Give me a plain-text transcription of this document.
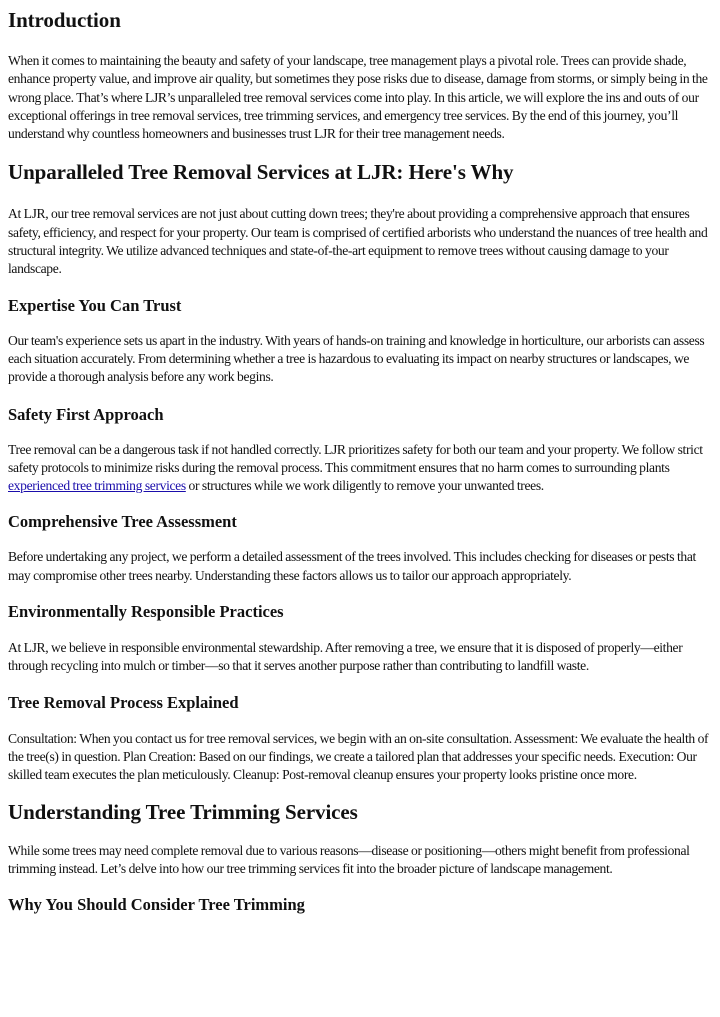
Introduction

When it comes to maintaining the beauty and safety of your landscape, tree management plays a pivotal role. Trees can provide shade, enhance property value, and improve air quality, but sometimes they pose risks due to disease, damage from storms, or simply being in the wrong place. That’s where LJR’s unparalleled tree removal services come into play. In this article, we will explore the ins and outs of our exceptional offerings in tree removal services, tree trimming services, and emergency tree services. By the end of this journey, you’ll understand why countless homeowners and businesses trust LJR for their tree management needs.

Unparalleled Tree Removal Services at LJR: Here's Why

At LJR, our tree removal services are not just about cutting down trees; they're about providing a comprehensive approach that ensures safety, efficiency, and respect for your property. Our team is comprised of certified arborists who understand the nuances of tree health and structural integrity. We utilize advanced techniques and state-of-the-art equipment to remove trees without causing damage to your landscape.

Expertise You Can Trust

Our team's experience sets us apart in the industry. With years of hands-on training and knowledge in horticulture, our arborists can assess each situation accurately. From determining whether a tree is hazardous to evaluating its impact on nearby structures or landscapes, we provide a thorough analysis before any work begins.

Safety First Approach

Tree removal can be a dangerous task if not handled correctly. LJR prioritizes safety for both our team and your property. We follow strict safety protocols to minimize risks during the removal process. This commitment ensures that no harm comes to surrounding plants experienced tree trimming services or structures while we work diligently to remove your unwanted trees.

Comprehensive Tree Assessment

Before undertaking any project, we perform a detailed assessment of the trees involved. This includes checking for diseases or pests that may compromise other trees nearby. Understanding these factors allows us to tailor our approach appropriately.

Environmentally Responsible Practices

At LJR, we believe in responsible environmental stewardship. After removing a tree, we ensure that it is disposed of properly—either through recycling into mulch or timber—so that it serves another purpose rather than contributing to landfill waste.

Tree Removal Process Explained

Consultation: When you contact us for tree removal services, we begin with an on-site consultation. Assessment: We evaluate the health of the tree(s) in question. Plan Creation: Based on our findings, we create a tailored plan that addresses your specific needs. Execution: Our skilled team executes the plan meticulously. Cleanup: Post-removal cleanup ensures your property looks pristine once more.

Understanding Tree Trimming Services

While some trees may need complete removal due to various reasons—disease or positioning—others might benefit from professional trimming instead. Let’s delve into how our tree trimming services fit into the broader picture of landscape management.

Why You Should Consider Tree Trimming
